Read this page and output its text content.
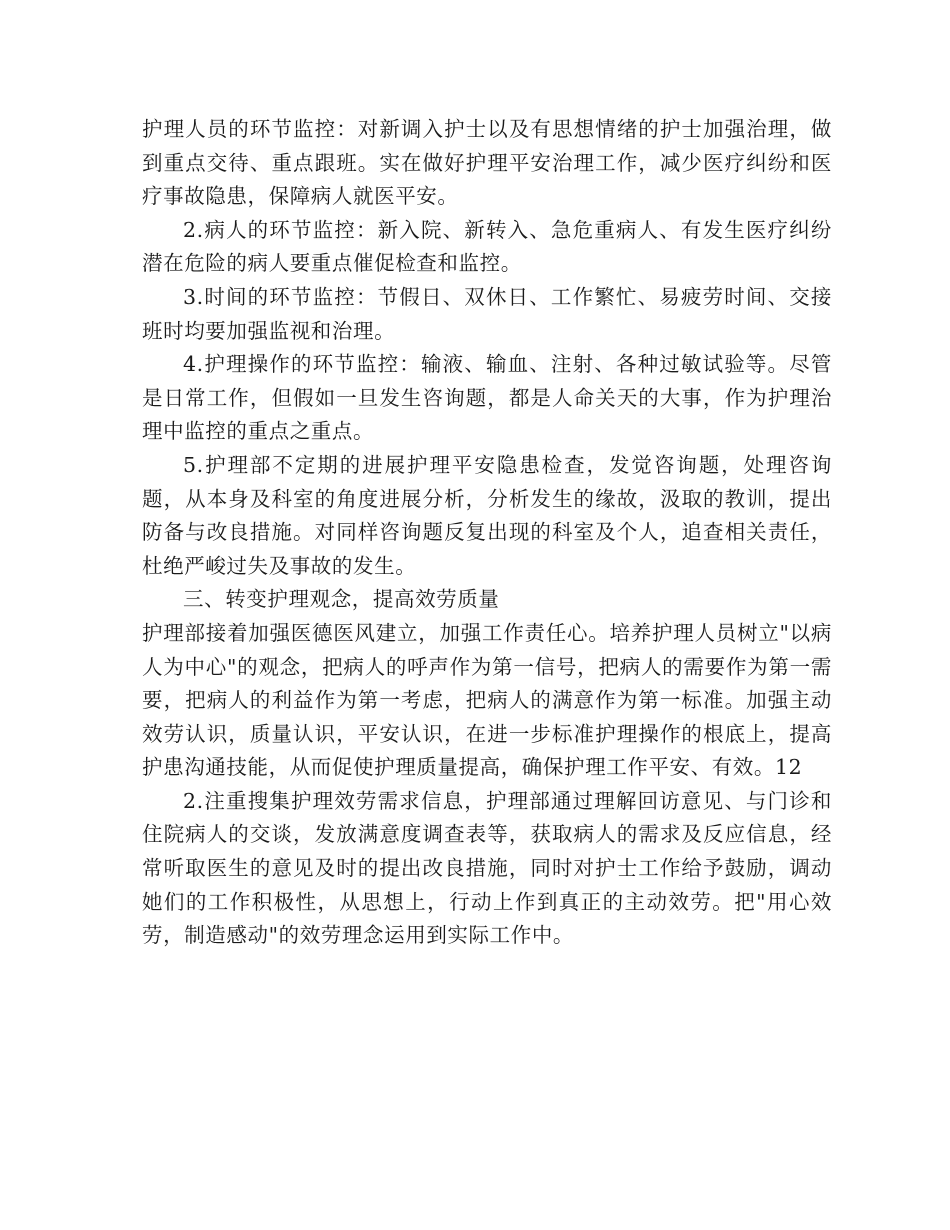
护理人员的环节监控：对新调入护士以及有思想情绪的护士加强治理，做到重点交待、重点跟班。实在做好护理平安治理工作，减少医疗纠纷和医疗事故隐患，保障病人就医平安。

2.病人的环节监控：新入院、新转入、急危重病人、有发生医疗纠纷潜在危险的病人要重点催促检查和监控。

3.时间的环节监控：节假日、双休日、工作繁忙、易疲劳时间、交接班时均要加强监视和治理。

4.护理操作的环节监控：输液、输血、注射、各种过敏试验等。尽管是日常工作，但假如一旦发生咨询题，都是人命关天的大事，作为护理治理中监控的重点之重点。

5.护理部不定期的进展护理平安隐患检查，发觉咨询题，处理咨询题，从本身及科室的角度进展分析，分析发生的缘故，汲取的教训，提出防备与改良措施。对同样咨询题反复出现的科室及个人，追查相关责任，杜绝严峻过失及事故的发生。

三、转变护理观念，提高效劳质量

护理部接着加强医德医风建立，加强工作责任心。培养护理人员树立"以病人为中心"的观念，把病人的呼声作为第一信号，把病人的需要作为第一需要，把病人的利益作为第一考虑，把病人的满意作为第一标准。加强主动效劳认识，质量认识，平安认识，在进一步标准护理操作的根底上，提高护患沟通技能，从而促使护理质量提高，确保护理工作平安、有效。12

2.注重搜集护理效劳需求信息，护理部通过理解回访意见、与门诊和住院病人的交谈，发放满意度调查表等，获取病人的需求及反应信息，经常听取医生的意见及时的提出改良措施，同时对护士工作给予鼓励，调动她们的工作积极性，从思想上，行动上作到真正的主动效劳。把"用心效劳，制造感动"的效劳理念运用到实际工作中。
